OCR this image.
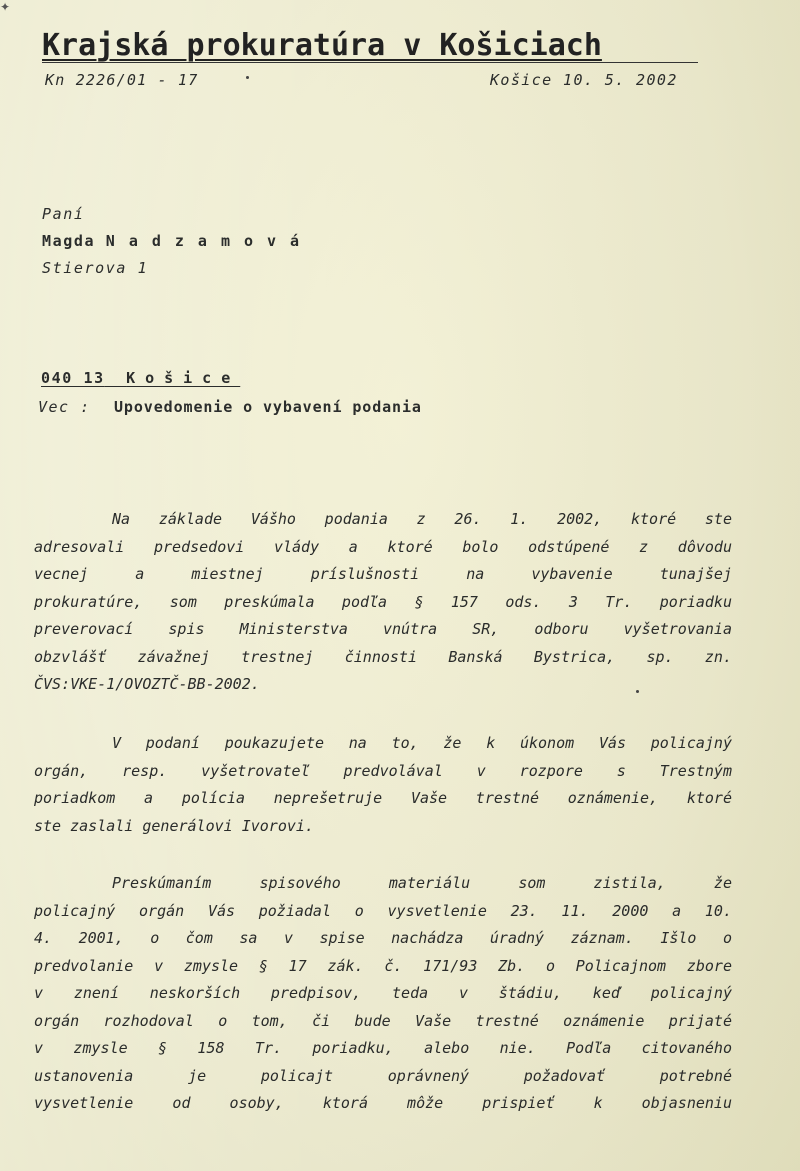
Krajská prokuratúra v Košiciach
Kn 2226/01 - 17	Košice 10. 5. 2002
Paní
Magda Nadzamová
Stierova 1
040 13 Košice
Vec : Upovedomenie o vybavení podania
Na základe Vášho podania z 26. 1. 2002, ktoré ste
adresovali predsedovi vlády a ktoré bolo odstúpené z dôvodu
vecnej a miestnej príslušnosti na vybavenie tunajšej
prokuratúre, som preskúmala podľa § 157 ods. 3 Tr. poriadku
preverovací spis Ministerstva vnútra SR, odboru vyšetrovania
obzvlášť závažnej trestnej činnosti Banská Bystrica, sp. zn.
ČVS:VKE-1/OVOZTČ-BB-2002.
V podaní poukazujete na to, že k úkonom Vás policajný
orgán, resp. vyšetrovateľ predvolával v rozpore s Trestným
poriadkom a polícia neprešetruje Vaše trestné oznámenie, ktoré
ste zaslali generálovi Ivorovi.
Preskúmaním spisového materiálu som zistila, že
policajný orgán Vás požiadal o vysvetlenie 23. 11. 2000 a 10.
4. 2001, o čom sa v spise nachádza úradný záznam. Išlo o
predvolanie v zmysle § 17 zák. č. 171/93 Zb. o Policajnom zbore
v znení neskorších predpisov, teda v štádiu, keď policajný
orgán rozhodoval o tom, či bude Vaše trestné oznámenie prijaté
v zmysle § 158 Tr. poriadku, alebo nie. Podľa citovaného
ustanovenia je policajt oprávnený požadovať potrebné
vysvetlenie od osoby, ktorá môže prispieť k objasneniu
✦
